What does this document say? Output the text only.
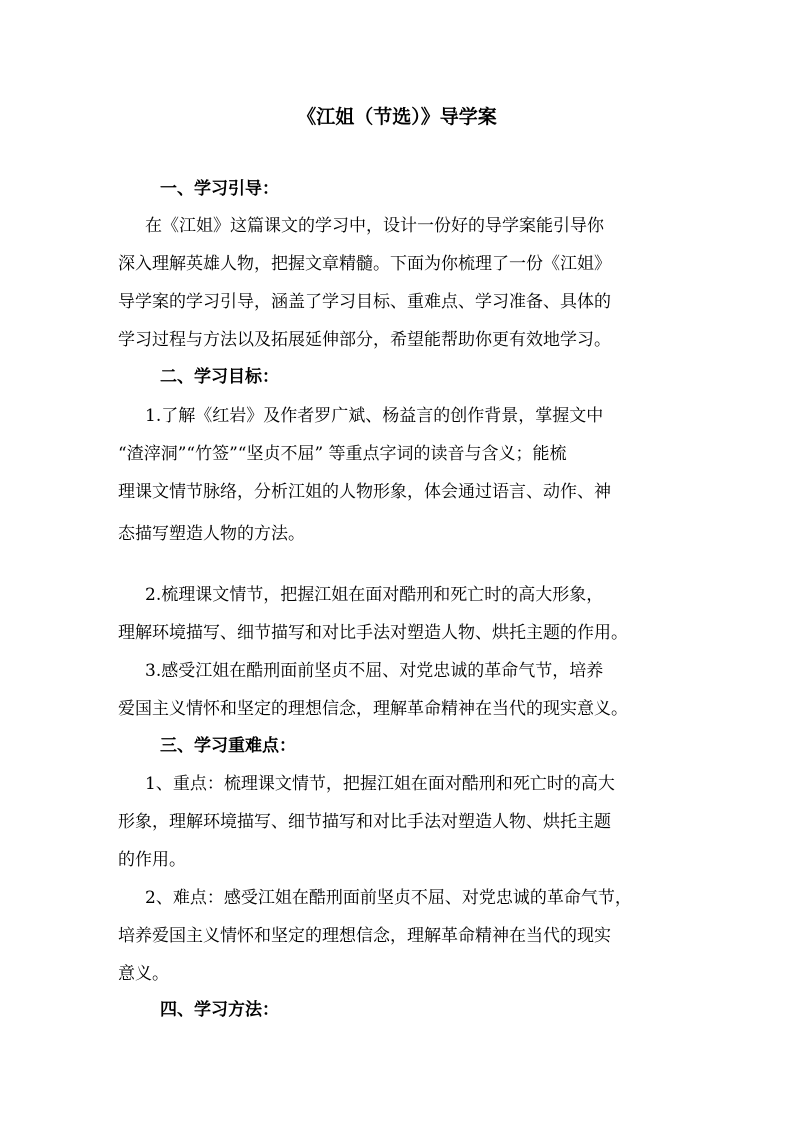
《江姐（节选）》导学案
一、学习引导：
在《江姐》这篇课文的学习中，设计一份好的导学案能引导你
深入理解英雄人物，把握文章精髓。下面为你梳理了一份《江姐》
导学案的学习引导，涵盖了学习目标、重难点、学习准备、具体的
学习过程与方法以及拓展延伸部分，希望能帮助你更有效地学习。
二、学习目标：
1.了解《红岩》及作者罗广斌、杨益言的创作背景，掌握文中
“渣滓洞”“竹签”“坚贞不屈” 等重点字词的读音与含义；能梳
理课文情节脉络，分析江姐的人物形象，体会通过语言、动作、神
态描写塑造人物的方法。
2.梳理课文情节，把握江姐在面对酷刑和死亡时的高大形象，
理解环境描写、细节描写和对比手法对塑造人物、烘托主题的作用。
3.感受江姐在酷刑面前坚贞不屈、对党忠诚的革命气节，培养
爱国主义情怀和坚定的理想信念，理解革命精神在当代的现实意义。
三、学习重难点：
1、重点：梳理课文情节，把握江姐在面对酷刑和死亡时的高大
形象，理解环境描写、细节描写和对比手法对塑造人物、烘托主题
的作用。
2、难点：感受江姐在酷刑面前坚贞不屈、对党忠诚的革命气节，
培养爱国主义情怀和坚定的理想信念，理解革命精神在当代的现实
意义。
四、学习方法：
